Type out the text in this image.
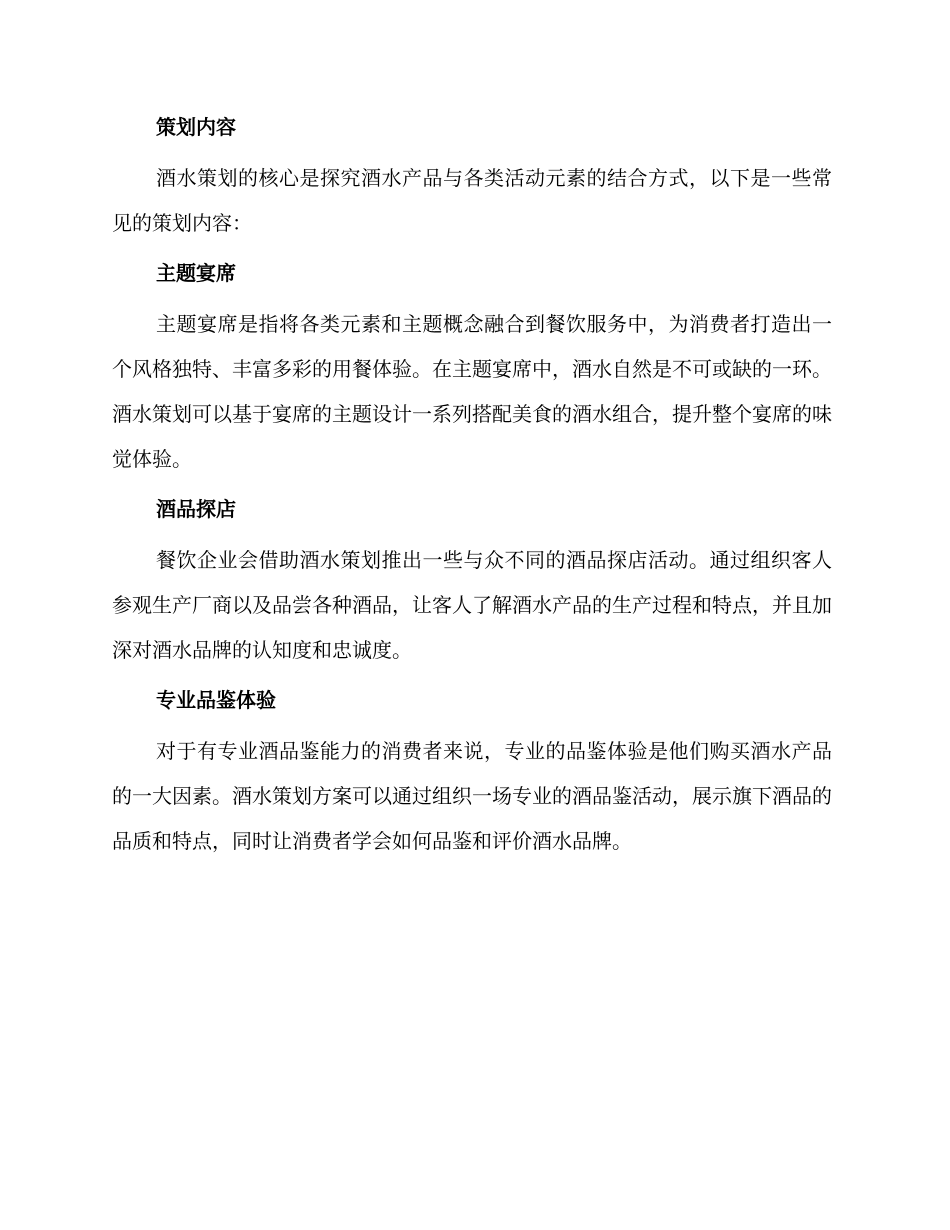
策划内容

酒水策划的核心是探究酒水产品与各类活动元素的结合方式，以下是一些常见的策划内容：

主题宴席

主题宴席是指将各类元素和主题概念融合到餐饮服务中，为消费者打造出一个风格独特、丰富多彩的用餐体验。在主题宴席中，酒水自然是不可或缺的一环。酒水策划可以基于宴席的主题设计一系列搭配美食的酒水组合，提升整个宴席的味觉体验。

酒品探店

餐饮企业会借助酒水策划推出一些与众不同的酒品探店活动。通过组织客人参观生产厂商以及品尝各种酒品，让客人了解酒水产品的生产过程和特点，并且加深对酒水品牌的认知度和忠诚度。

专业品鉴体验

对于有专业酒品鉴能力的消费者来说，专业的品鉴体验是他们购买酒水产品的一大因素。酒水策划方案可以通过组织一场专业的酒品鉴活动，展示旗下酒品的品质和特点，同时让消费者学会如何品鉴和评价酒水品牌。
